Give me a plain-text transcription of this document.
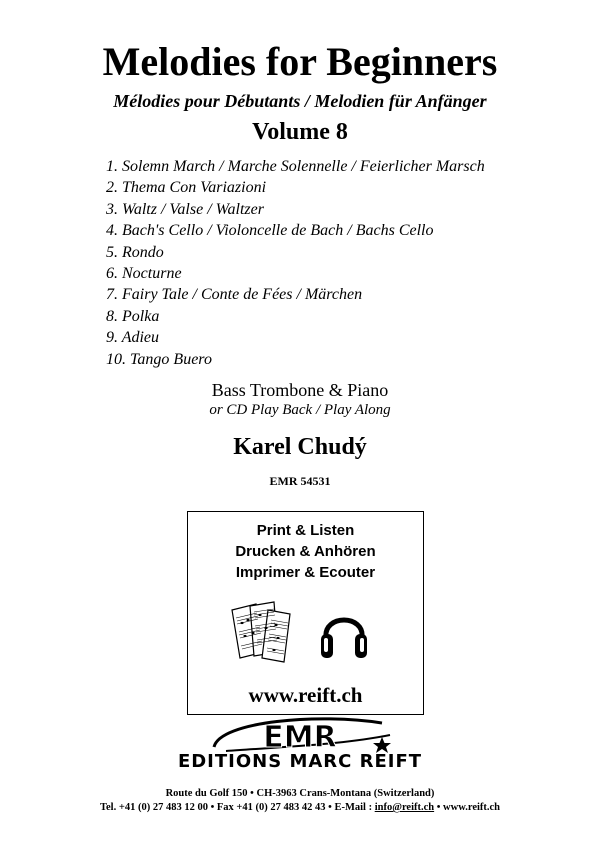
Melodies for Beginners
Mélodies pour Débutants / Melodien für Anfänger
Volume 8
1. Solemn March / Marche Solennelle / Feierlicher Marsch
2. Thema Con Variazioni
3. Waltz / Valse / Waltzer
4. Bach's Cello / Violoncelle de Bach / Bachs Cello
5. Rondo
6. Nocturne
7. Fairy Tale / Conte de Fées / Märchen
8. Polka
9. Adieu
10. Tango Buero
Bass Trombone & Piano
or CD Play Back / Play Along
Karel Chudý
EMR 54531
Print & Listen
Drucken & Anhören
Imprimer & Ecouter
www.reift.ch
EMR
EDITIONS MARC REIFT
Route du Golf 150 • CH-3963 Crans-Montana (Switzerland)
Tel. +41 (0) 27 483 12 00 • Fax +41 (0) 27 483 42 43 • E-Mail : info@reift.ch • www.reift.ch
